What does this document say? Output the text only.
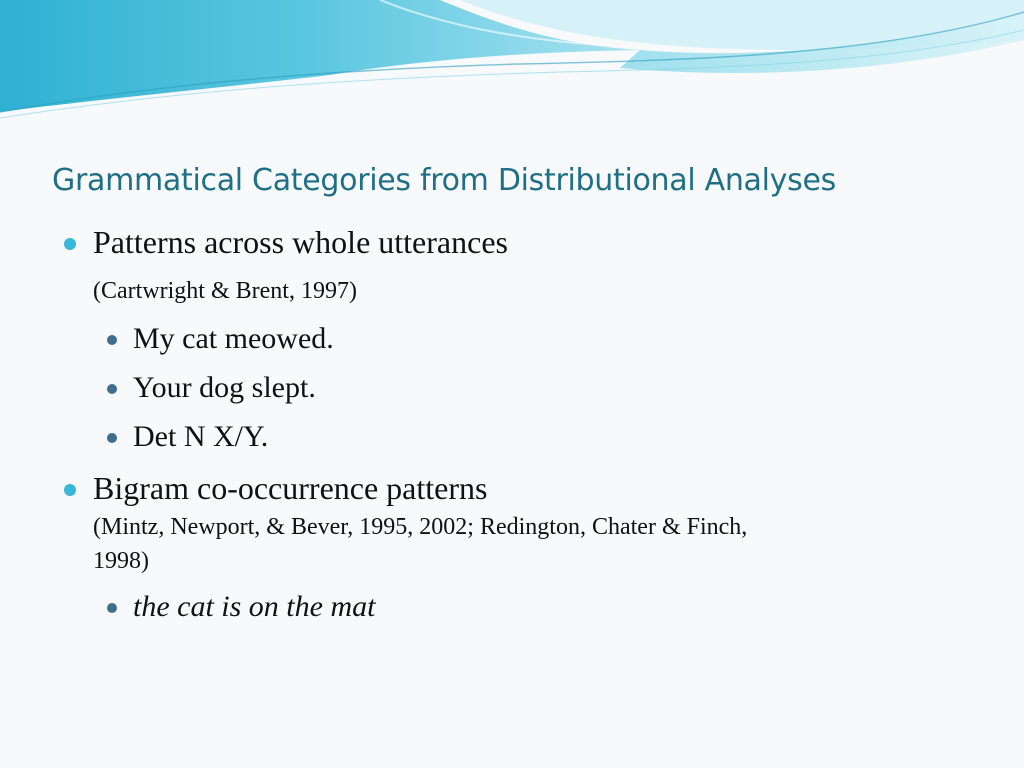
Grammatical Categories from Distributional Analyses
Patterns across whole utterances
(Cartwright & Brent, 1997)
My cat meowed.
Your dog slept.
Det N X/Y.
Bigram co-occurrence patterns
(Mintz, Newport, & Bever, 1995, 2002; Redington, Chater & Finch,
1998)
the cat is on the mat
